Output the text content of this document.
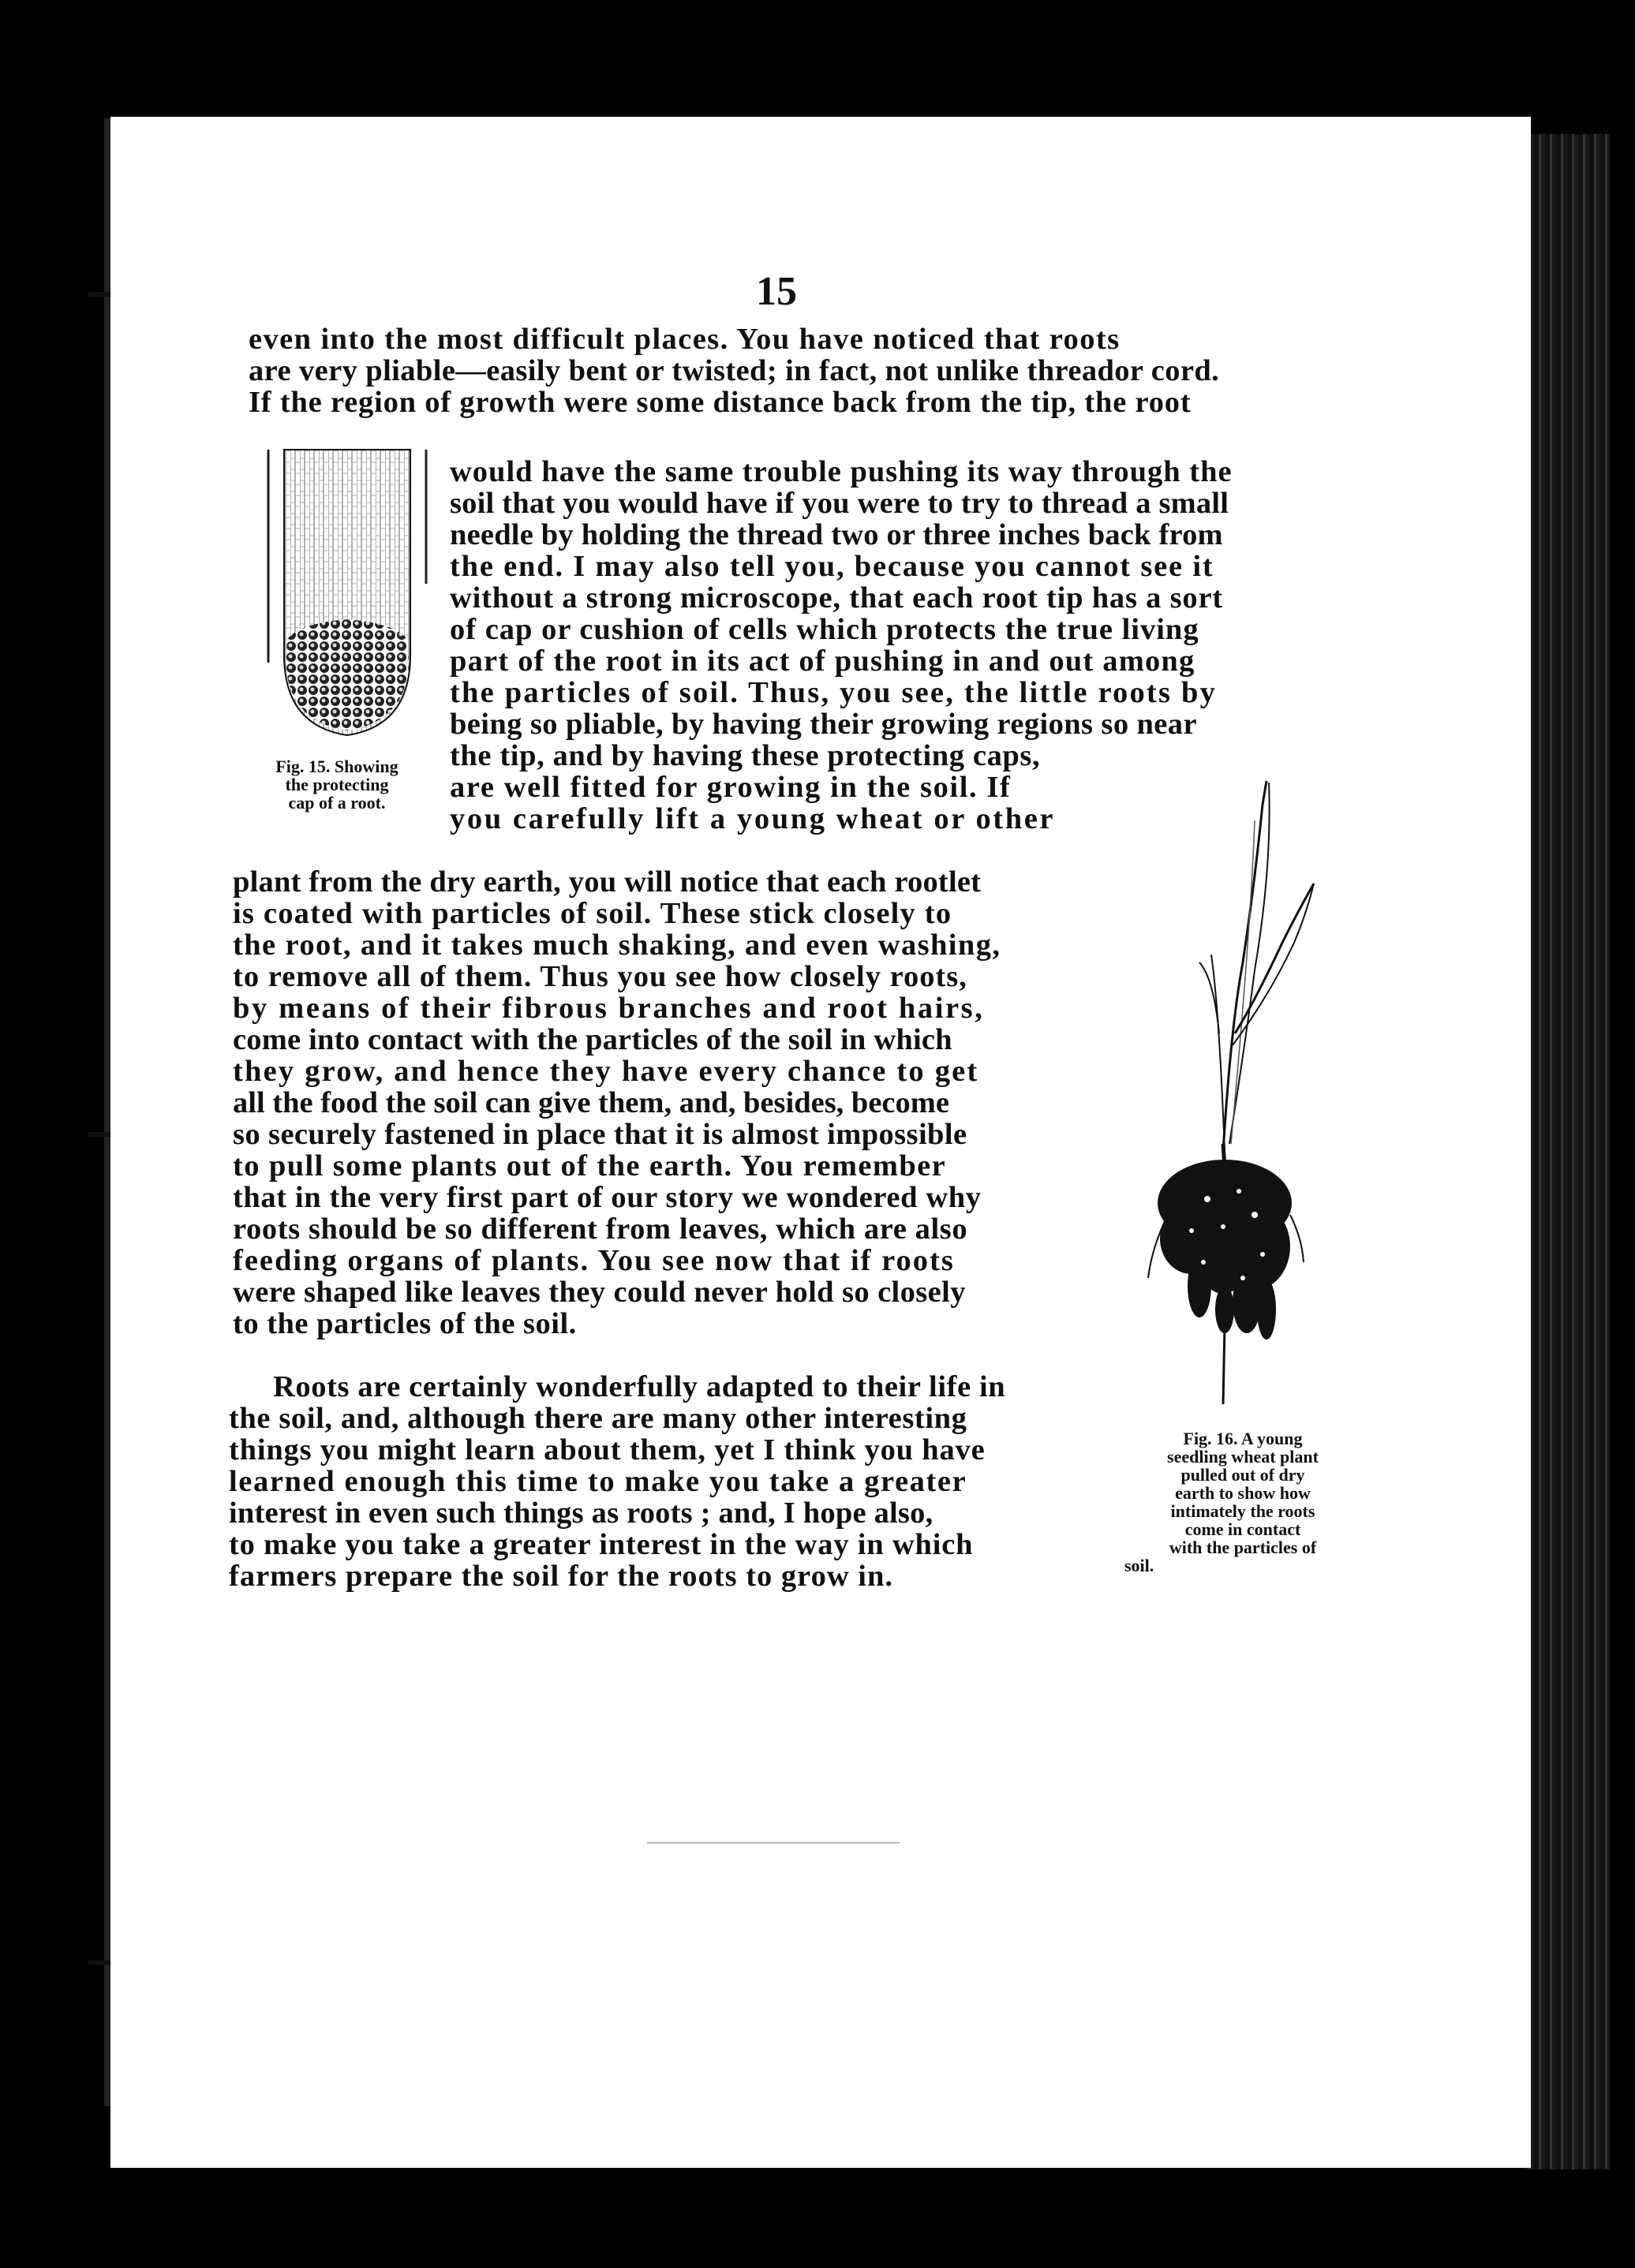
15

even into the most difficult places. You have noticed that roots

are very pliable—easily bent or twisted; in fact, not unlike threador cord.

If the region of growth were some distance back from the tip, the root

would have the same trouble pushing its way through the

soil that you would have if you were to try to thread a small

needle by holding the thread two or three inches back from

the end. I may also tell you, because you cannot see it

without a strong microscope, that each root tip has a sort

of cap or cushion of cells which protects the true living

part of the root in its act of pushing in and out among

the particles of soil. Thus, you see, the little roots by

being so pliable, by having their growing regions so near

the tip, and by having these protecting caps,

are well fitted for growing in the soil. If

you carefully lift a young wheat or other

plant from the dry earth, you will notice that each rootlet

is coated with particles of soil. These stick closely to

the root, and it takes much shaking, and even washing,

to remove all of them. Thus you see how closely roots,

by means of their fibrous branches and root hairs,

come into contact with the particles of the soil in which

they grow, and hence they have every chance to get

all the food the soil can give them, and, besides, become

so securely fastened in place that it is almost impossible

to pull some plants out of the earth. You remember

that in the very first part of our story we wondered why

roots should be so different from leaves, which are also

feeding organs of plants. You see now that if roots

were shaped like leaves they could never hold so closely

to the particles of the soil.

Roots are certainly wonderfully adapted to their life in

the soil, and, although there are many other interesting

things you might learn about them, yet I think you have

learned enough this time to make you take a greater

interest in even such things as roots ; and, I hope also,

to make you take a greater interest in the way in which

farmers prepare the soil for the roots to grow in.

Fig. 15. Showing

the protecting

cap of a root.

Fig. 16. A young

seedling wheat plant

pulled out of dry

earth to show how

intimately the roots

come in contact

with the particles of

soil.
